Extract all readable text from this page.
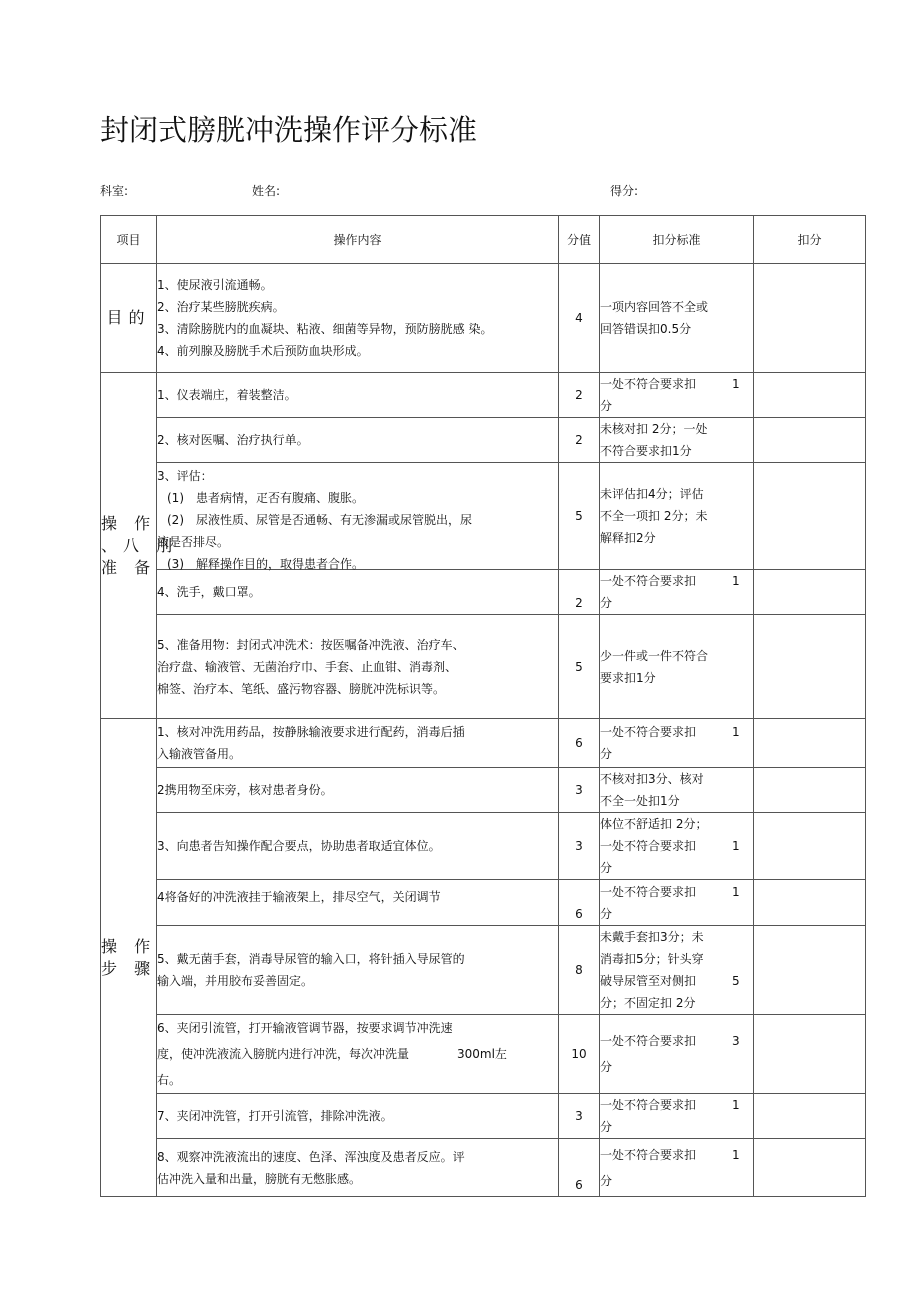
封闭式膀胱冲洗操作评分标准
科室:	姓名:	得分:
项目	操作内容	分值	扣分标准	扣分
目的	1、使尿液引流通畅。
2、治疗某些膀胱疾病。
3、清除膀胱内的血凝块、粘液、细菌等异物，预防膀胱感 染。
4、前列腺及膀胱手术后预防血块形成。	4	一项内容回答不全或
回答错误扣0.5分	

操 作
、八 刖
准 备	1、仪表端庄，着装整洁。	2	一处不符合要求扣　　　1
分	

	2、核对医嘱、治疗执行单。	2	未核对扣 2分；一处
不符合要求扣1分	

	3、评估：
(1)　患者病情，疋否有腹痛、腹胀。
(2)　尿液性质、尿管是否通畅、有无渗漏或尿管脱出，尿
液是否排尽。
(3)　解释操作目的，取得患者合作。	5	未评估扣4分；评估
不全一项扣 2分；未
解释扣2分	

	4、洗手，戴口罩。	2	一处不符合要求扣　　　1
分	

	5、准备用物：封闭式冲洗术：按医嘱备冲洗液、治疗车、
治疗盘、输液管、无菌治疗巾、手套、止血钳、消毒剂、
棉签、治疗本、笔纸、盛污物容器、膀胱冲洗标识等。	5	少一件或一件不符合
要求扣1分	

操 作
步 骤	1、核对冲洗用药品，按静脉输液要求进行配药，消毒后插
入输液管备用。	6	一处不符合要求扣　　　1
分	

	2携用物至床旁，核对患者身份。	3	不核对扣3分、核对
不全一处扣1分	

	3、向患者告知操作配合要点，协助患者取适宜体位。	3	体位不舒适扣 2分；
一处不符合要求扣　　　1
分	

	4将备好的冲洗液挂于输液架上，排尽空气，关闭调节	6	一处不符合要求扣　　　1
分	

	5、戴无菌手套，消毒导尿管的输入口，将针插入导尿管的
输入端，并用胶布妥善固定。	8	未戴手套扣3分；未
消毒扣5分；针头穿
破导尿管至对侧扣　　　5
分；不固定扣 2分	

	6、夹闭引流管，打开输液管调节器，按要求调节冲洗速
度，使冲洗液流入膀胱内进行冲洗，每次冲洗量　　　　300ml左
右。	10	一处不符合要求扣　　　3
分	

	7、夹闭冲洗管，打开引流管，排除冲洗液。	3	一处不符合要求扣　　　1
分	

	8、观察冲洗液流出的速度、色泽、浑浊度及患者反应。评
估冲洗入量和出量，膀胱有无憋胀感。	6	一处不符合要求扣　　　1
分	
